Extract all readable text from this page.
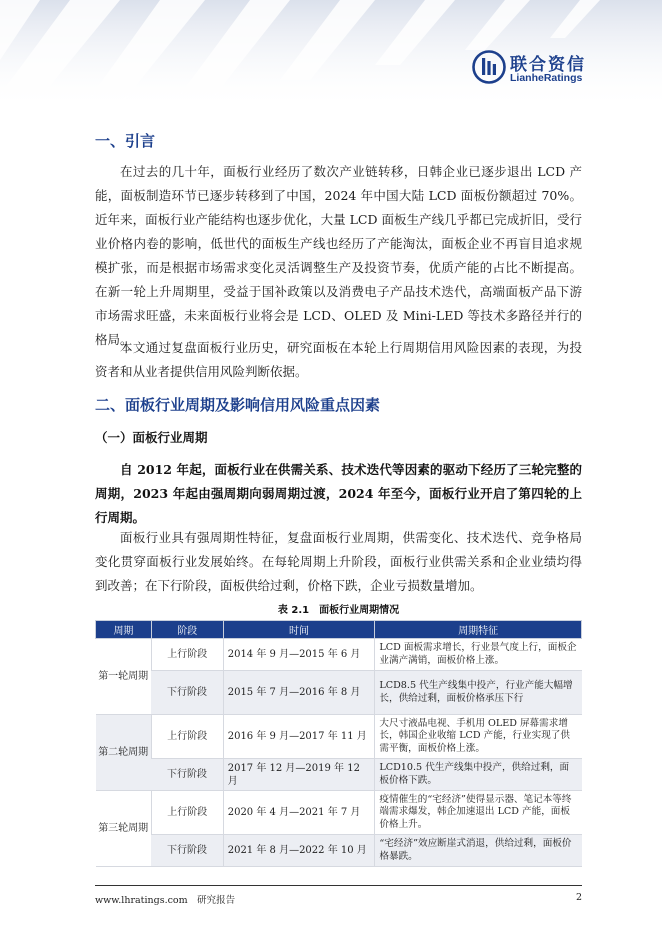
联合资信
LianheRatings
一、引言

在过去的几十年，面板行业经历了数次产业链转移，日韩企业已逐步退出 LCD 产能，面板制造环节已逐步转移到了中国，2024 年中国大陆 LCD 面板份额超过 70%。近年来，面板行业产能结构也逐步优化，大量 LCD 面板生产线几乎都已完成折旧，受行业价格内卷的影响，低世代的面板生产线也经历了产能淘汰，面板企业不再盲目追求规模扩张，而是根据市场需求变化灵活调整生产及投资节奏，优质产能的占比不断提高。在新一轮上升周期里，受益于国补政策以及消费电子产品技术迭代，高端面板产品下游市场需求旺盛，未来面板行业将会是 LCD、OLED 及 Mini-LED 等技术多路径并行的格局。

本文通过复盘面板行业历史，研究面板在本轮上行周期信用风险因素的表现，为投资者和从业者提供信用风险判断依据。

二、面板行业周期及影响信用风险重点因素
（一）面板行业周期

自 2012 年起，面板行业在供需关系、技术迭代等因素的驱动下经历了三轮完整的周期，2023 年起由强周期向弱周期过渡，2024 年至今，面板行业开启了第四轮的上行周期。

面板行业具有强周期性特征，复盘面板行业周期，供需变化、技术迭代、竞争格局变化贯穿面板行业发展始终。在每轮周期上升阶段，面板行业供需关系和企业业绩均得到改善；在下行阶段，面板供给过剩，价格下跌，企业亏损数量增加。

表 2.1　面板行业周期情况
周期	阶段	时间	周期特征
第一轮周期	上行阶段	2014 年 9 月—2015 年 6 月	LCD 面板需求增长，行业景气度上行，面板企业满产满销，面板价格上涨。
	下行阶段	2015 年 7 月—2016 年 8 月	LCD8.5 代生产线集中投产，行业产能大幅增长，供给过剩，面板价格承压下行
第二轮周期	上行阶段	2016 年 9 月—2017 年 11 月	大尺寸液晶电视、手机用 OLED 屏幕需求增长，韩国企业收缩 LCD 产能，行业实现了供需平衡，面板价格上涨。
	下行阶段	2017 年 12 月—2019 年 12 月	LCD10.5 代生产线集中投产，供给过剩，面板价格下跌。
第三轮周期	上行阶段	2020 年 4 月—2021 年 7 月	疫情催生的“宅经济”使得显示器、笔记本等终端需求爆发，韩企加速退出 LCD 产能，面板价格上升。
	下行阶段	2021 年 8 月—2022 年 10 月	“宅经济”效应断崖式消退，供给过剩，面板价格暴跌。
www.lhratings.com　研究报告	2
